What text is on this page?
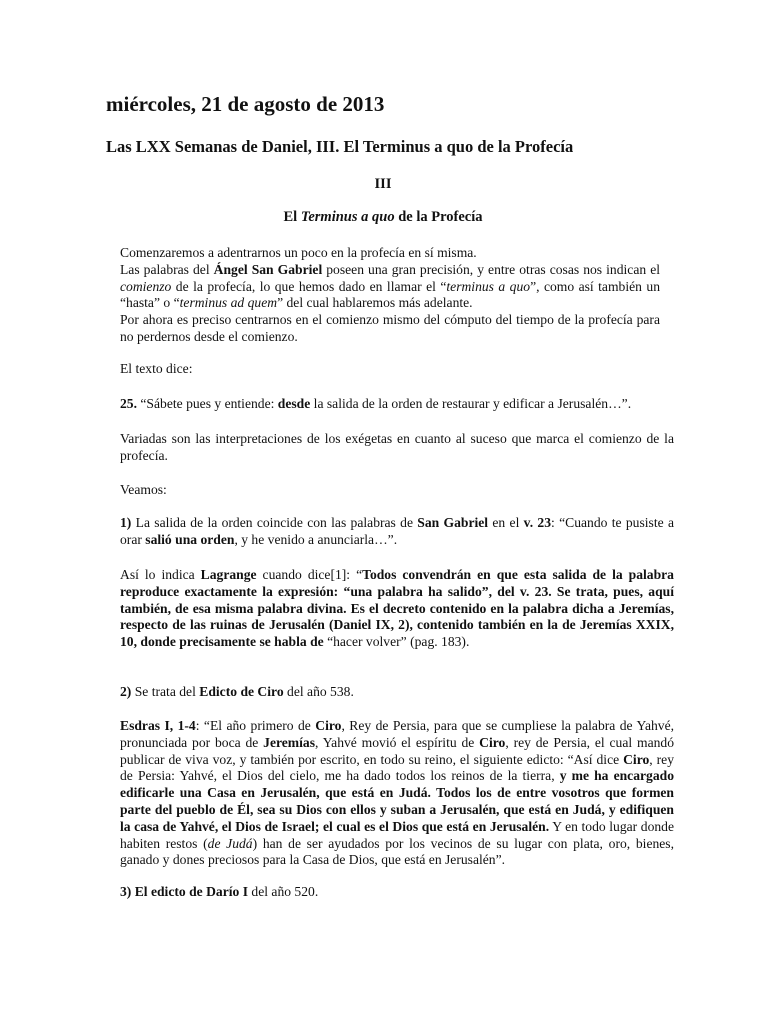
miércoles, 21 de agosto de 2013
Las LXX Semanas de Daniel, III. El Terminus a quo de la Profecía
III
El Terminus a quo de la Profecía
Comenzaremos a adentrarnos un poco en la profecía en sí misma.
Las palabras del Ángel San Gabriel poseen una gran precisión, y entre otras cosas nos indican el comienzo de la profecía, lo que hemos dado en llamar el “terminus a quo”, como así también un “hasta” o “terminus ad quem” del cual hablaremos más adelante.
Por ahora es preciso centrarnos en el comienzo mismo del cómputo del tiempo de la profecía para no perdernos desde el comienzo.
El texto dice:
25. “Sábete pues y entiende: desde la salida de la orden de restaurar y edificar a Jerusalén…”.
Variadas son las interpretaciones de los exégetas en cuanto al suceso que marca el comienzo de la profecía.
Veamos:
1) La salida de la orden coincide con las palabras de San Gabriel en el v. 23: “Cuando te pusiste a orar salió una orden, y he venido a anunciarla…”.
Así lo indica Lagrange cuando dice[1]: “Todos convendrán en que esta salida de la palabra reproduce exactamente la expresión: “una palabra ha salido”, del v. 23. Se trata, pues, aquí también, de esa misma palabra divina. Es el decreto contenido en la palabra dicha a Jeremías, respecto de las ruinas de Jerusalén (Daniel IX, 2), contenido también en la de Jeremías XXIX, 10, donde precisamente se habla de “hacer volver” (pag. 183).
2) Se trata del Edicto de Ciro del año 538.
Esdras I, 1-4: “El año primero de Ciro, Rey de Persia, para que se cumpliese la palabra de Yahvé, pronunciada por boca de Jeremías, Yahvé movió el espíritu de Ciro, rey de Persia, el cual mandó publicar de viva voz, y también por escrito, en todo su reino, el siguiente edicto: “Así dice Ciro, rey de Persia: Yahvé, el Dios del cielo, me ha dado todos los reinos de la tierra, y me ha encargado edificarle una Casa en Jerusalén, que está en Judá. Todos los de entre vosotros que formen parte del pueblo de Él, sea su Dios con ellos y suban a Jerusalén, que está en Judá, y edifiquen la casa de Yahvé, el Dios de Israel; el cual es el Dios que está en Jerusalén. Y en todo lugar donde habiten restos (de Judá) han de ser ayudados por los vecinos de su lugar con plata, oro, bienes, ganado y dones preciosos para la Casa de Dios, que está en Jerusalén”.
3) El edicto de Darío I del año 520.
